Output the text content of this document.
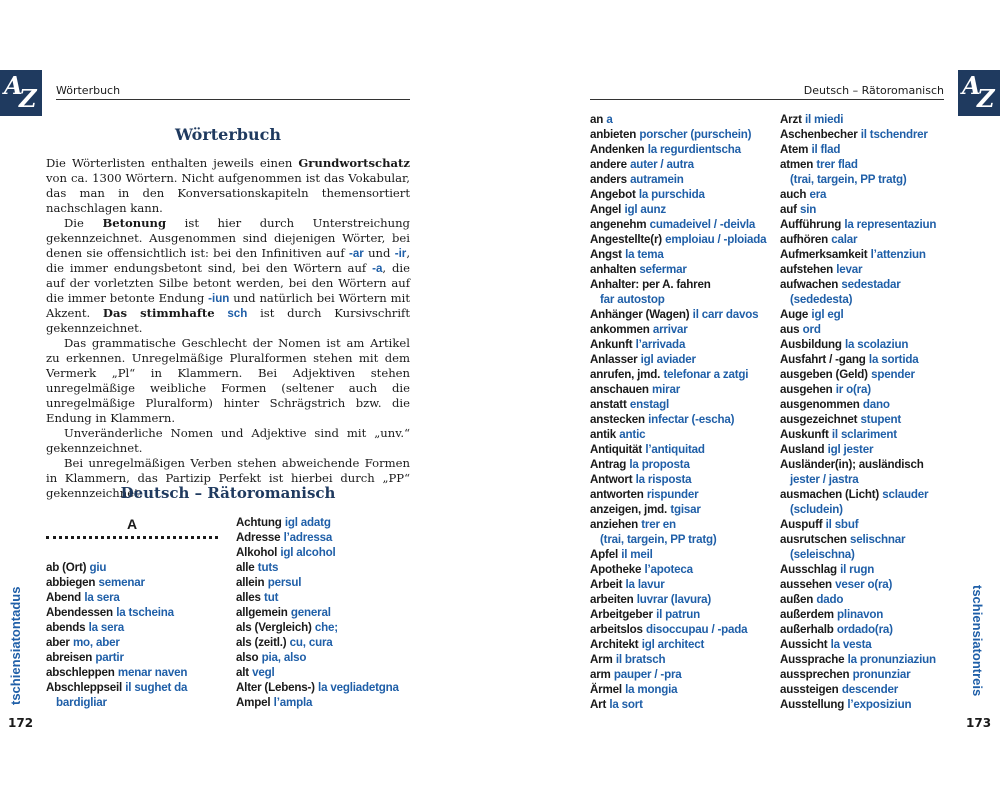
A
Z Wörterbuch
Wörterbuch

Die Wörterlisten enthalten jeweils einen Grundwortschatz von ca. 1300 Wörtern. Nicht aufgenommen ist das Vokabular, das man in den Konversationskapiteln themensortiert nachschlagen kann.

Die Betonung ist hier durch Unterstreichung gekennzeichnet. Ausgenommen sind diejenigen Wörter, bei denen sie offensichtlich ist: bei den Infinitiven auf -ar und -ir, die immer endungsbetont sind, bei den Wörtern auf -a, die auf der vorletzten Silbe betont werden, bei den Wörtern auf die immer betonte Endung -iun und natürlich bei Wörtern mit Akzent. Das stimmhafte sch ist durch Kursivschrift gekennzeichnet.

Das grammatische Geschlecht der Nomen ist am Artikel zu erkennen. Unregelmäßige Pluralformen stehen mit dem Vermerk „Pl“ in Klammern. Bei Adjektiven stehen unregelmäßige weibliche Formen (seltener auch die unregelmäßige Pluralform) hinter Schrägstrich bzw. die Endung in Klammern.

Unveränderliche Nomen und Adjektive sind mit „unv.“ gekennzeichnet.

Bei unregelmäßigen Verben stehen abweichende Formen in Klammern, das Partizip Perfekt ist hierbei durch „PP“ gekennzeichnet.

Deutsch – Rätoromanisch
A
ab (Ort) giu
abbiegen semenar
Abend la sera
Abendessen la tscheina
abends la sera
aber mo, aber
abreisen partir
abschleppen menar naven
Abschleppseil il sughet da
bardigliar
Achtung igl adatg
Adresse l’adressa
Alkohol igl alcohol
alle tuts
allein persul
alles tut
allgemein general
als (Vergleich) che;
als (zeitl.) cu, cura
also pia, also
alt vegl
Alter (Lebens-) la vegliadetgna
Ampel l’ampla
tschiensiatontadus
172
A
Z
Deutsch – Rätoromanisch
an a
anbieten porscher (purschein)
Andenken la regurdientscha
andere auter / autra
anders autramein
Angebot la purschida
Angel igl aunz
angenehm cumadeivel / -deivla
Angestellte(r) emploiau / -ploiada
Angst la tema
anhalten sefermar
Anhalter: per A. fahren
far autostop
Anhänger (Wagen) il carr davos
ankommen arrivar
Ankunft l’arrivada
Anlasser igl aviader
anrufen, jmd. telefonar a zatgi
anschauen mirar
anstatt enstagl
anstecken infectar (-escha)
antik antic
Antiquität l’antiquitad
Antrag la proposta
Antwort la risposta
antworten rispunder
anzeigen, jmd. tgisar
anziehen trer en
(trai, targein, PP tratg)
Apfel il meil
Apotheke l’apoteca
Arbeit la lavur
arbeiten luvrar (lavura)
Arbeitgeber il patrun
arbeitslos disoccupau / -pada
Architekt igl architect
Arm il bratsch
arm pauper / -pra
Ärmel la mongia
Art la sort
Arzt il miedi
Aschenbecher il tschendrer
Atem il flad
atmen trer flad
(trai, targein, PP tratg)
auch era
auf sin
Aufführung la representaziun
aufhören calar
Aufmerksamkeit l’attenziun
aufstehen levar
aufwachen sedestadar
(sededesta)
Auge igl egl
aus ord
Ausbildung la scolaziun
Ausfahrt / -gang la sortida
ausgeben (Geld) spender
ausgehen ir o(ra)
ausgenommen dano
ausgezeichnet stupent
Auskunft il sclariment
Ausland igl jester
Ausländer(in); ausländisch
jester / jastra
ausmachen (Licht) sclauder
(scludein)
Auspuff il sbuf
ausrutschen selischnar
(seleischna)
Ausschlag il rugn
aussehen veser o(ra)
außen dado
außerdem plinavon
außerhalb ordado(ra)
Aussicht la vesta
Aussprache la pronunziaziun
aussprechen pronunziar
aussteigen descender
Ausstellung l’exposiziun
tschiensiatontreis
173
